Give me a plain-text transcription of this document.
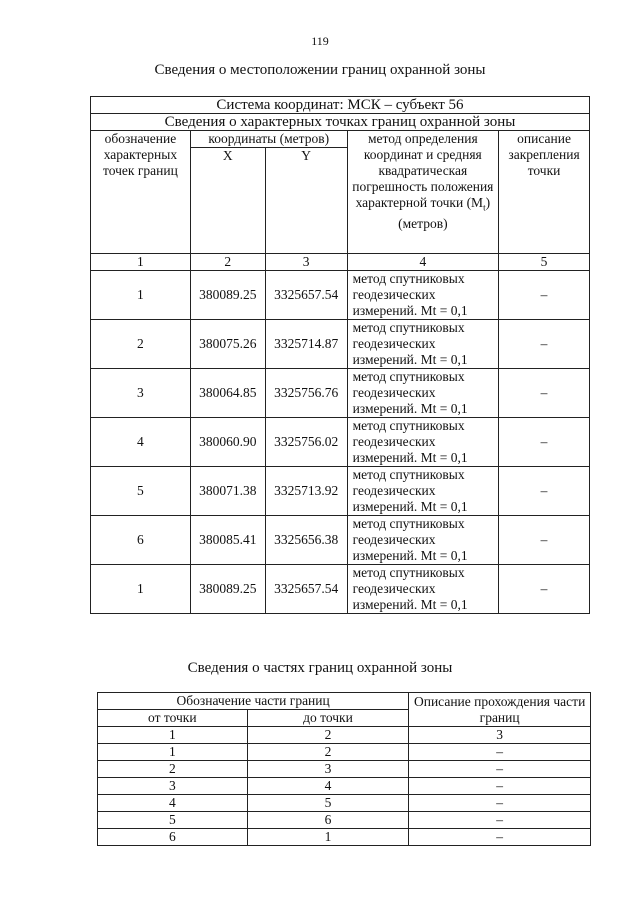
119
Сведения о местоположении границ охранной зоны
Система координат: МСК – субъект 56				
Сведения о характерных точках границ охранной зоны				
обозначение характерных точек границ	координаты (метров)		метод определения координат и средняя квадратическая погрешность положения характерной точки $(M_t)$ (метров)	описание закрепления точки
	X	Y		
1	2	3	4	5
1	380089.25	3325657.54	метод спутниковых геодезических измерений. Mt = 0,1	–
2	380075.26	3325714.87	метод спутниковых геодезических измерений. Mt = 0,1	–
3	380064.85	3325756.76	метод спутниковых геодезических измерений. Mt = 0,1	–
4	380060.90	3325756.02	метод спутниковых геодезических измерений. Mt = 0,1	–
5	380071.38	3325713.92	метод спутниковых геодезических измерений. Mt = 0,1	–
6	380085.41	3325656.38	метод спутниковых геодезических измерений. Mt = 0,1	–
1	380089.25	3325657.54	метод спутниковых геодезических измерений. Mt = 0,1	–
Сведения о частях границ охранной зоны
Обозначение части границ		Описание прохождения части границ
от точки	до точки	
1	2	3
1	2	–
2	3	–
3	4	–
4	5	–
5	6	–
6	1	–
